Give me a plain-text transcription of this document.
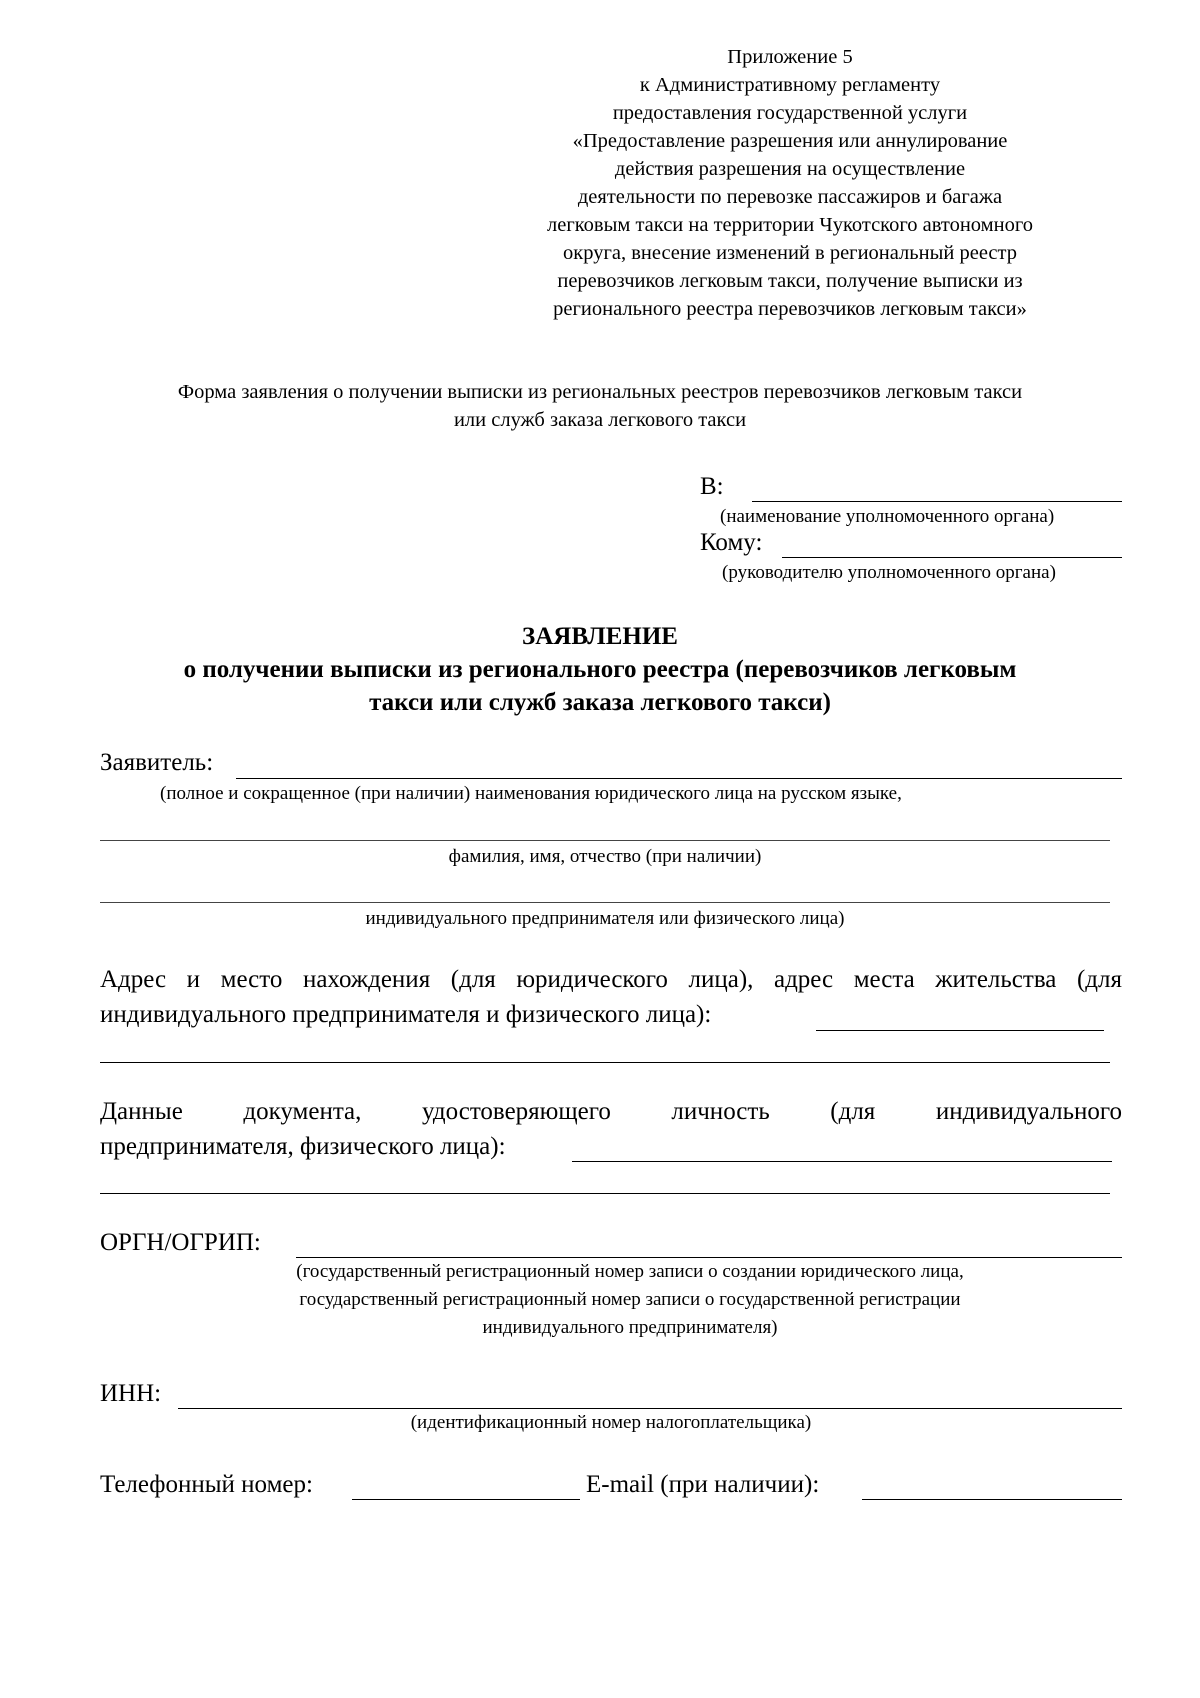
Приложение 5
к Административному регламенту
предоставления государственной услуги
«Предоставление разрешения или аннулирование
действия разрешения на осуществление
деятельности по перевозке пассажиров и багажа
легковым такси на территории Чукотского автономного
округа, внесение изменений в региональный реестр
перевозчиков легковым такси, получение выписки из
регионального реестра перевозчиков легковым такси»
Форма заявления о получении выписки из региональных реестров перевозчиков легковым такси
или служб заказа легкового такси
В:
(наименование уполномоченного органа)
Кому:
(руководителю уполномоченного органа)
ЗАЯВЛЕНИЕ
о получении выписки из регионального реестра (перевозчиков легковым
такси или служб заказа легкового такси)
Заявитель:
(полное и сокращенное (при наличии) наименования юридического лица на русском языке,
фамилия, имя, отчество (при наличии)
индивидуального предпринимателя или физического лица)
Адрес и место нахождения (для юридического лица), адрес места жительства (для
индивидуального предпринимателя и физического лица):
Данные документа, удостоверяющего личность (для индивидуального
предпринимателя, физического лица):
ОРГН/ОГРИП:
(государственный регистрационный номер записи о создании юридического лица,
государственный регистрационный номер записи о государственной регистрации
индивидуального предпринимателя)
ИНН:
(идентификационный номер налогоплательщика)
Телефонный номер:	E-mail (при наличии):
